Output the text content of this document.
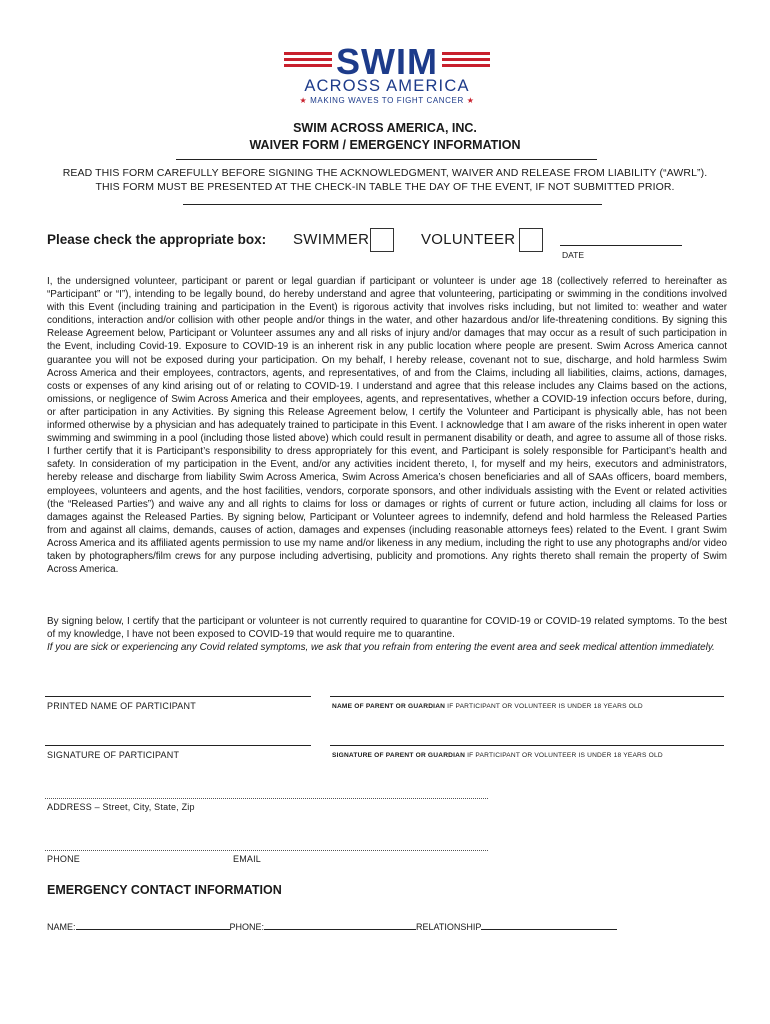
SWIM
ACROSS AMERICA
★ MAKING WAVES TO FIGHT CANCER ★
SWIM ACROSS AMERICA, INC.
WAIVER FORM / EMERGENCY INFORMATION
READ THIS FORM CAREFULLY BEFORE SIGNING THE ACKNOWLEDGMENT, WAIVER AND RELEASE FROM LIABILITY (“AWRL”).
THIS FORM MUST BE PRESENTED AT THE CHECK-IN TABLE THE DAY OF THE EVENT, IF NOT SUBMITTED PRIOR.
Please check the appropriate box: SWIMMER	VOLUNTEER
DATE

I, the undersigned volunteer, participant or parent or legal guardian if participant or volunteer is under age 18 (collectively referred to hereinafter as “Participant” or “I”), intending to be legally bound, do hereby understand and agree that volunteering, participating or swimming in the conditions involved with this Event (including training and participation in the Event) is rigorous activity that involves risks including, but not limited to: weather and water conditions, interaction and/or collision with other people and/or things in the water, and other hazardous and/or life-threatening conditions. By signing this Release Agreement below, Participant or Volunteer assumes any and all risks of injury and/or damages that may occur as a result of such participation in the Event, including Covid-19. Exposure to COVID-19 is an inherent risk in any public location where people are present. Swim Across America cannot guarantee you will not be exposed during your participation. On my behalf, I hereby release, covenant not to sue, discharge, and hold harmless Swim Across America and their employees, contractors, agents, and representatives, of and from the Claims, including all liabilities, claims, actions, damages, costs or expenses of any kind arising out of or relating to COVID-19. I understand and agree that this release includes any Claims based on the actions, omissions, or negligence of Swim Across America and their employees, agents, and representatives, whether a COVID-19 infection occurs before, during, or after participation in any Activities. By signing this Release Agreement below, I certify the Volunteer and Participant is physically able, has not been informed otherwise by a physician and has adequately trained to participate in this Event. I acknowledge that I am aware of the risks inherent in open water swimming and swimming in a pool (including those listed above) which could result in permanent disability or death, and agree to assume all of those risks. I further certify that it is Participant’s responsibility to dress appropriately for this event, and Participant is solely responsible for Participant’s health and safety. In consideration of my participation in the Event, and/or any activities incident thereto, I, for myself and my heirs, executors and administrators, hereby release and discharge from liability Swim Across America, Swim Across America’s chosen beneficiaries and all of SAAs officers, board members, employees, volunteers and agents, and the host facilities, vendors, corporate sponsors, and other individuals assisting with the Event or related activities (the “Released Parties”) and waive any and all rights to claims for loss or damages or rights of current or future action, including all claims for loss or damages against the Released Parties. By signing below, Participant or Volunteer agrees to indemnify, defend and hold harmless the Released Parties from and against all claims, demands, causes of action, damages and expenses (including reasonable attorneys fees) related to the Event. I grant Swim Across America and its affiliated agents permission to use my name and/or likeness in any medium, including the right to use any photographs and/or video taken by photographers/film crews for any purpose including advertising, publicity and promotions. Any rights thereto shall remain the property of Swim Across America.

By signing below, I certify that the participant or volunteer is not currently required to quarantine for COVID-19 or COVID-19 related symptoms. To the best of my knowledge, I have not been exposed to COVID-19 that would require me to quarantine.

If you are sick or experiencing any Covid related symptoms, we ask that you refrain from entering the event area and seek medical attention immediately.

PRINTED NAME OF PARTICIPANT	NAME OF PARENT OR GUARDIAN IF PARTICIPANT OR VOLUNTEER IS UNDER 18 YEARS OLD
SIGNATURE OF PARTICIPANT	SIGNATURE OF PARENT OR GUARDIAN IF PARTICIPANT OR VOLUNTEER IS UNDER 18 YEARS OLD
ADDRESS – Street, City, State, Zip
PHONE	EMAIL
EMERGENCY CONTACT INFORMATION
NAME:	PHONE:	RELATIONSHIP
